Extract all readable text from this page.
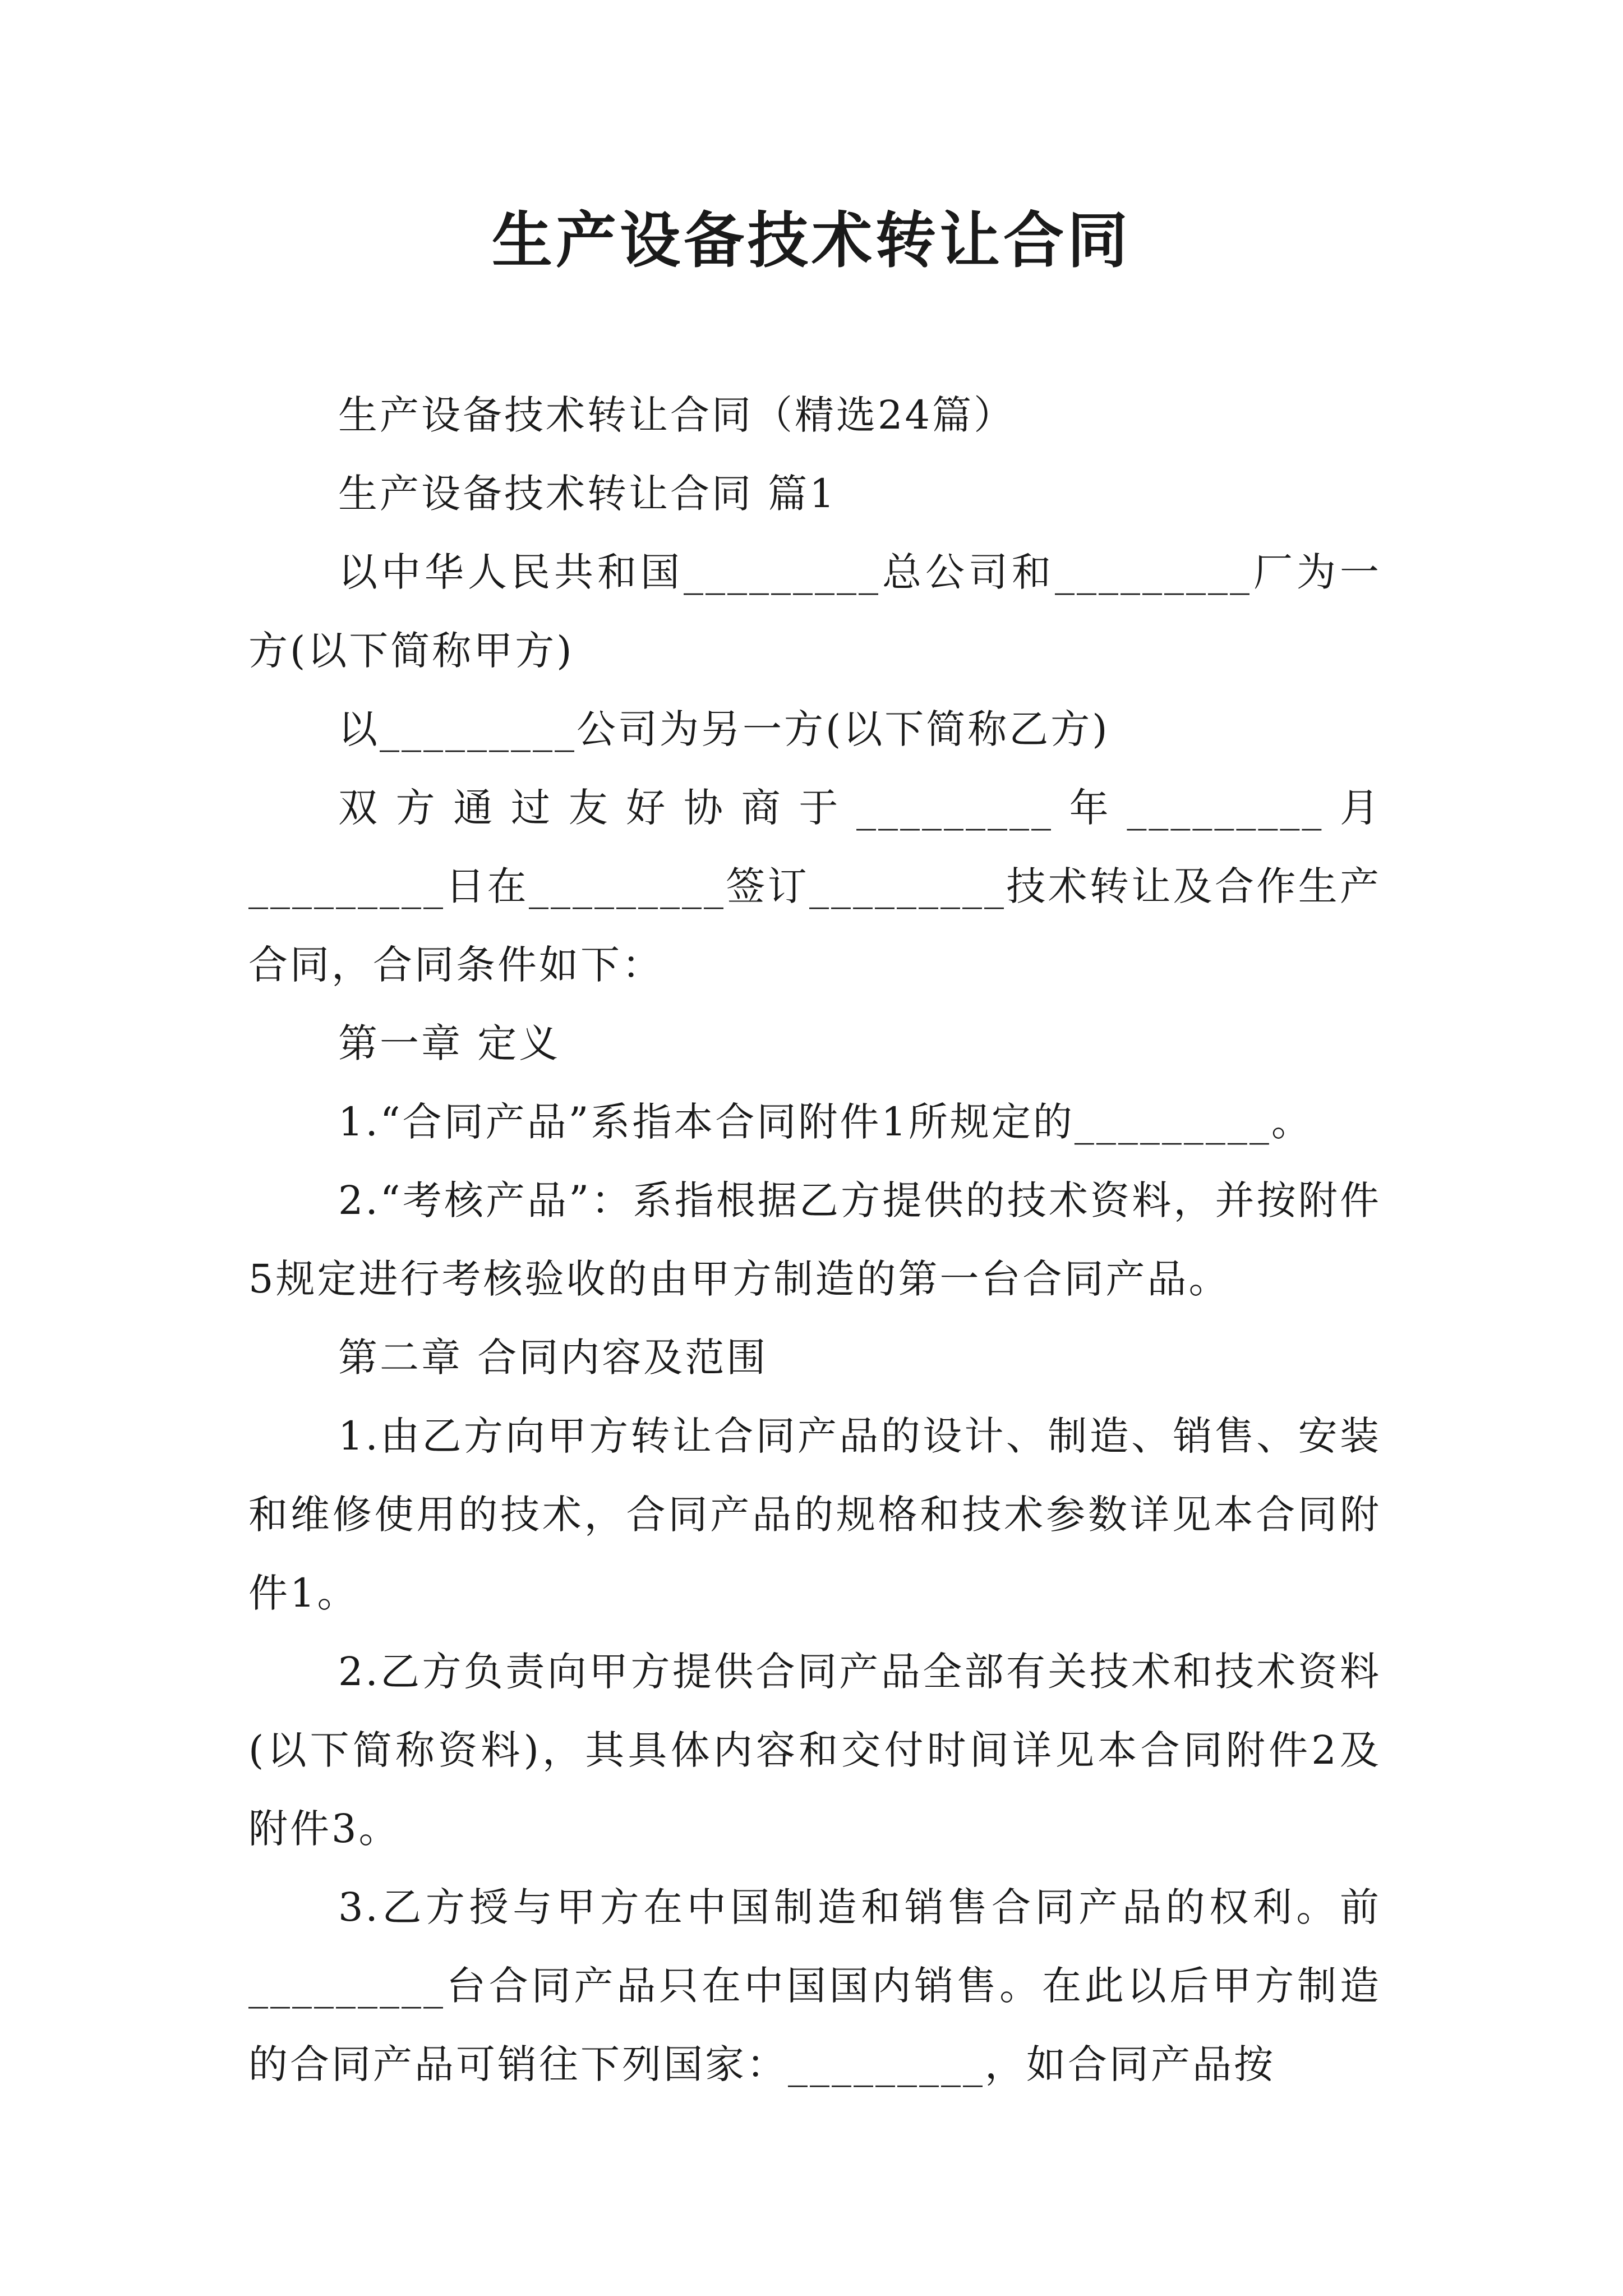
生产设备技术转让合同

生产设备技术转让合同（精选24篇）

生产设备技术转让合同 篇1

以中华人民共和国_________总公司和_________厂为一方(以下简称甲方)

以_________公司为另一方(以下简称乙方)

双方通过友好协商于_________年_________月_________日在_________签订_________技术转让及合作生产合同，合同条件如下：

第一章 定义

1.“合同产品”系指本合同附件1所规定的_________。

2.“考核产品”：系指根据乙方提供的技术资料，并按附件5规定进行考核验收的由甲方制造的第一台合同产品。

第二章 合同内容及范围

1.由乙方向甲方转让合同产品的设计、制造、销售、安装和维修使用的技术，合同产品的规格和技术参数详见本合同附件1。

2.乙方负责向甲方提供合同产品全部有关技术和技术资料(以下简称资料)，其具体内容和交付时间详见本合同附件2及附件3。

3.乙方授与甲方在中国制造和销售合同产品的权利。前_________台合同产品只在中国国内销售。在此以后甲方制造的合同产品可销往下列国家：_________，如合同产品按
